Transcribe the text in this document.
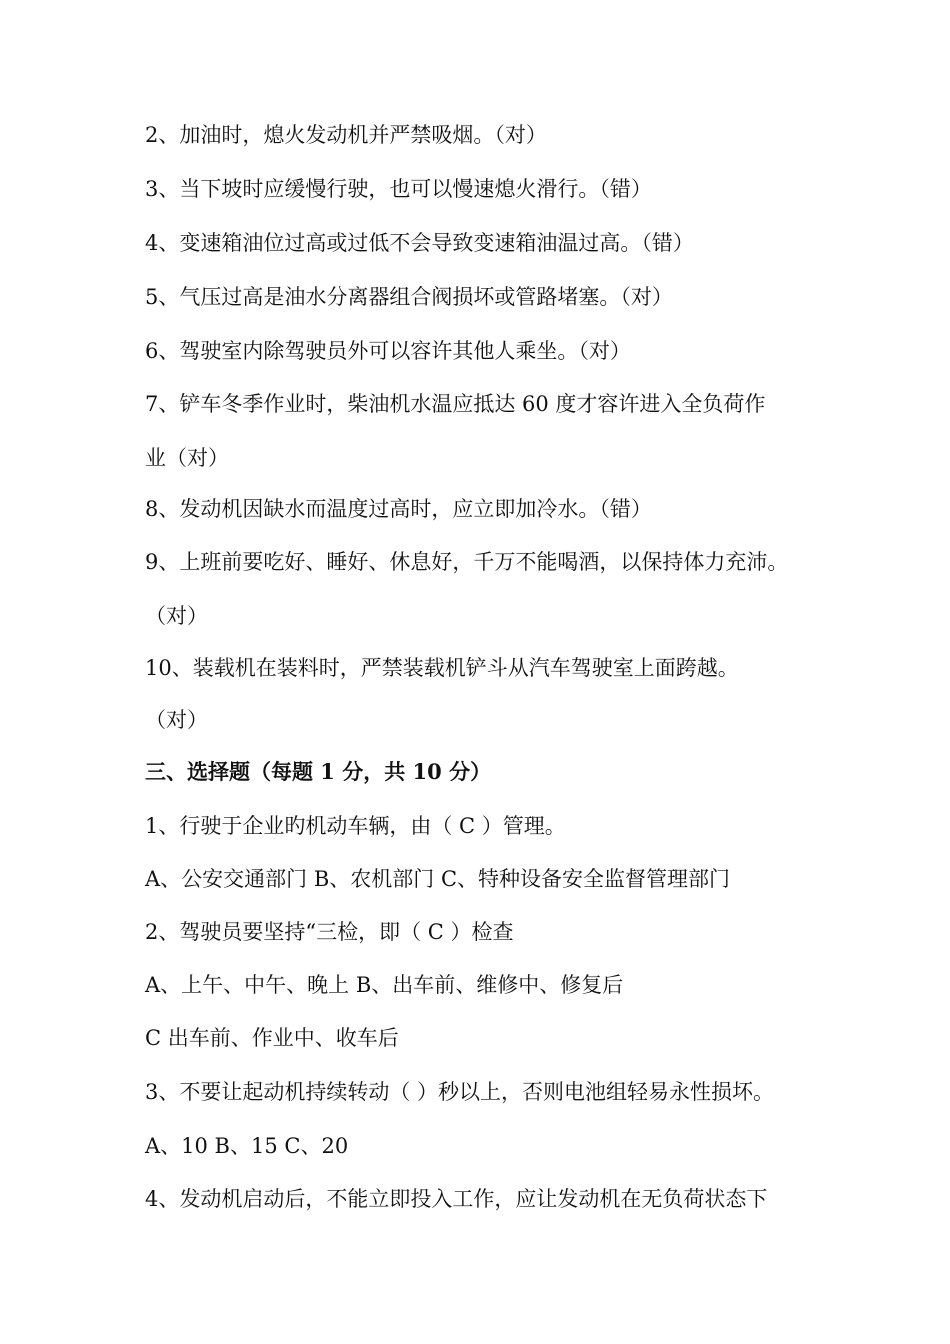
2、加油时，熄火发动机并严禁吸烟。（对）
3、当下坡时应缓慢行驶，也可以慢速熄火滑行。（错）
4、变速箱油位过高或过低不会导致变速箱油温过高。（错）
5、气压过高是油水分离器组合阀损坏或管路堵塞。（对）
6、驾驶室内除驾驶员外可以容许其他人乘坐。（对）
7、铲车冬季作业时，柴油机水温应抵达 60 度才容许进入全负荷作
业（对）
8、发动机因缺水而温度过高时，应立即加冷水。（错）
9、上班前要吃好、睡好、休息好，千万不能喝酒，以保持体力充沛。
（对）
10、装载机在装料时，严禁装载机铲斗从汽车驾驶室上面跨越。
（对）
三、选择题（每题 1 分，共 10 分）
1、行驶于企业旳机动车辆，由（ C ）管理。
A、公安交通部门 B、农机部门 C、特种设备安全监督管理部门
2、驾驶员要坚持“三检，即（ C ）检查
A、上午、中午、晚上 B、出车前、维修中、修复后
C 出车前、作业中、收车后
3、不要让起动机持续转动（ ）秒以上，否则电池组轻易永性损坏。
A、10 B、15 C、20
4、发动机启动后，不能立即投入工作，应让发动机在无负荷状态下
